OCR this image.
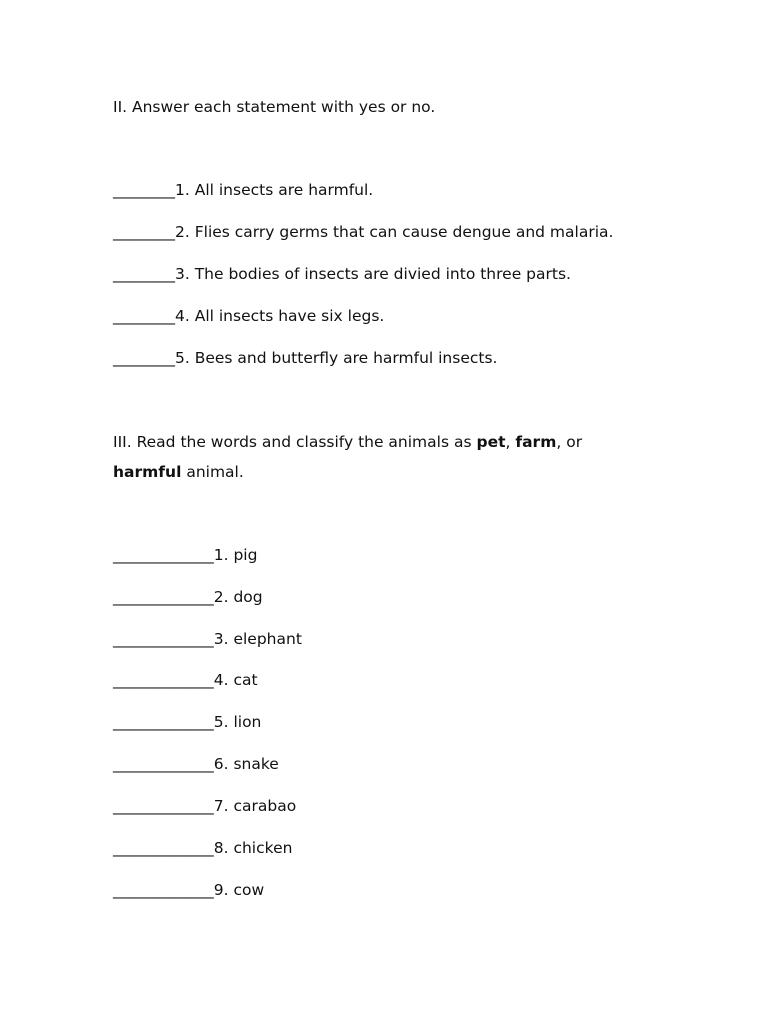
II. Answer each statement with yes or no.
________1. All insects are harmful.
________2. Flies carry germs that can cause dengue and malaria.
________3. The bodies of insects are divied into three parts.
________4. All insects have six legs.
________5. Bees and butterfly are harmful insects.
III. Read the words and classify the animals as pet, farm, or
harmful animal.
_____________1. pig
_____________2. dog
_____________3. elephant
_____________4. cat
_____________5. lion
_____________6. snake
_____________7. carabao
_____________8. chicken
_____________9. cow
